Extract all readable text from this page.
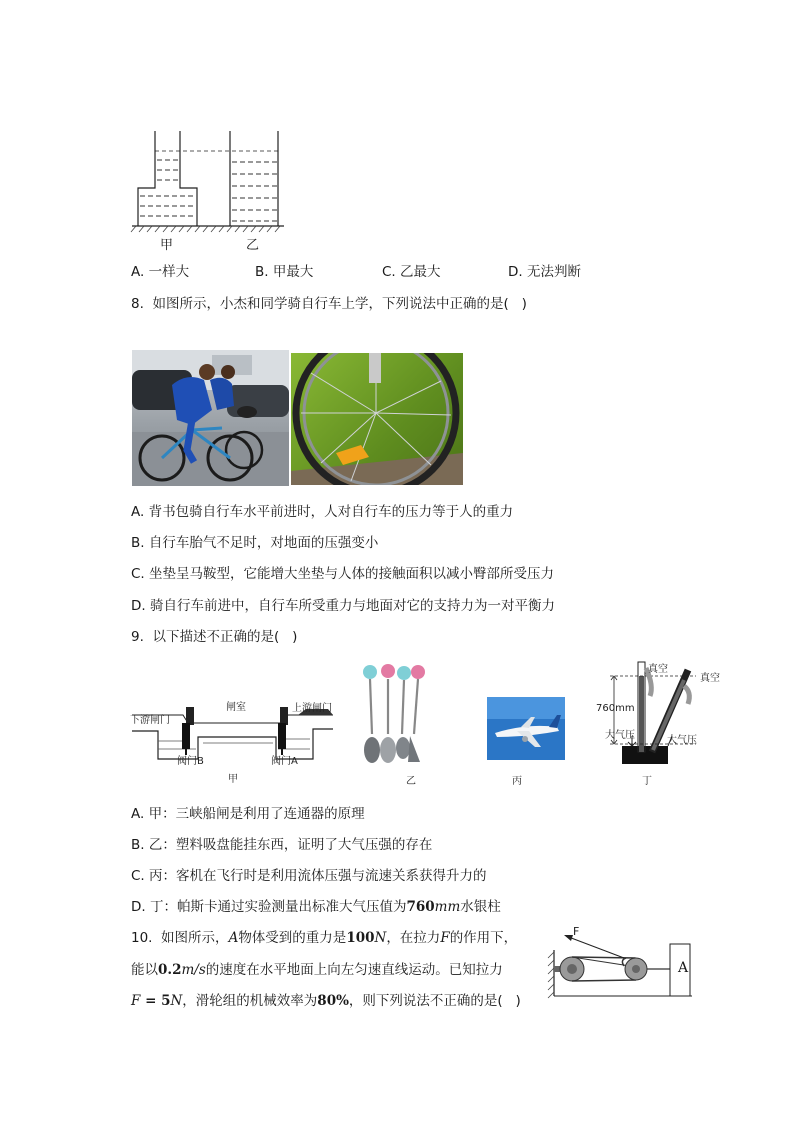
甲	乙
A. 一样大	B. 甲最大	C. 乙最大	D. 无法判断
8.  如图所示，小杰和同学骑自行车上学，下列说法中正确的是(   )
A. 背书包骑自行车水平前进时，人对自行车的压力等于人的重力
B. 自行车胎气不足时，对地面的压强变小
C. 坐垫呈马鞍型，它能增大坐垫与人体的接触面积以减小臀部所受压力
D. 骑自行车前进中，自行车所受重力与地面对它的支持力为一对平衡力
9.  以下描述不正确的是(   )
下游闸门
闸室	上游闸门
阀门B	阀门A
甲	乙	丙
真空
真空
760mm
大气压	大气压
丁
A. 甲：三峡船闸是利用了连通器的原理
B. 乙：塑料吸盘能挂东西，证明了大气压强的存在
C. 丙：客机在飞行时是利用流体压强与流速关系获得升力的
D. 丁：帕斯卡通过实验测量出标准大气压值为760mm水银柱
10.  如图所示，A物体受到的重力是100N，在拉力F的作用下，
能以0.2m/s的速度在水平地面上向左匀速直线运动。已知拉力
F = 5N，滑轮组的机械效率为80%，则下列说法不正确的是(   )
F
A
